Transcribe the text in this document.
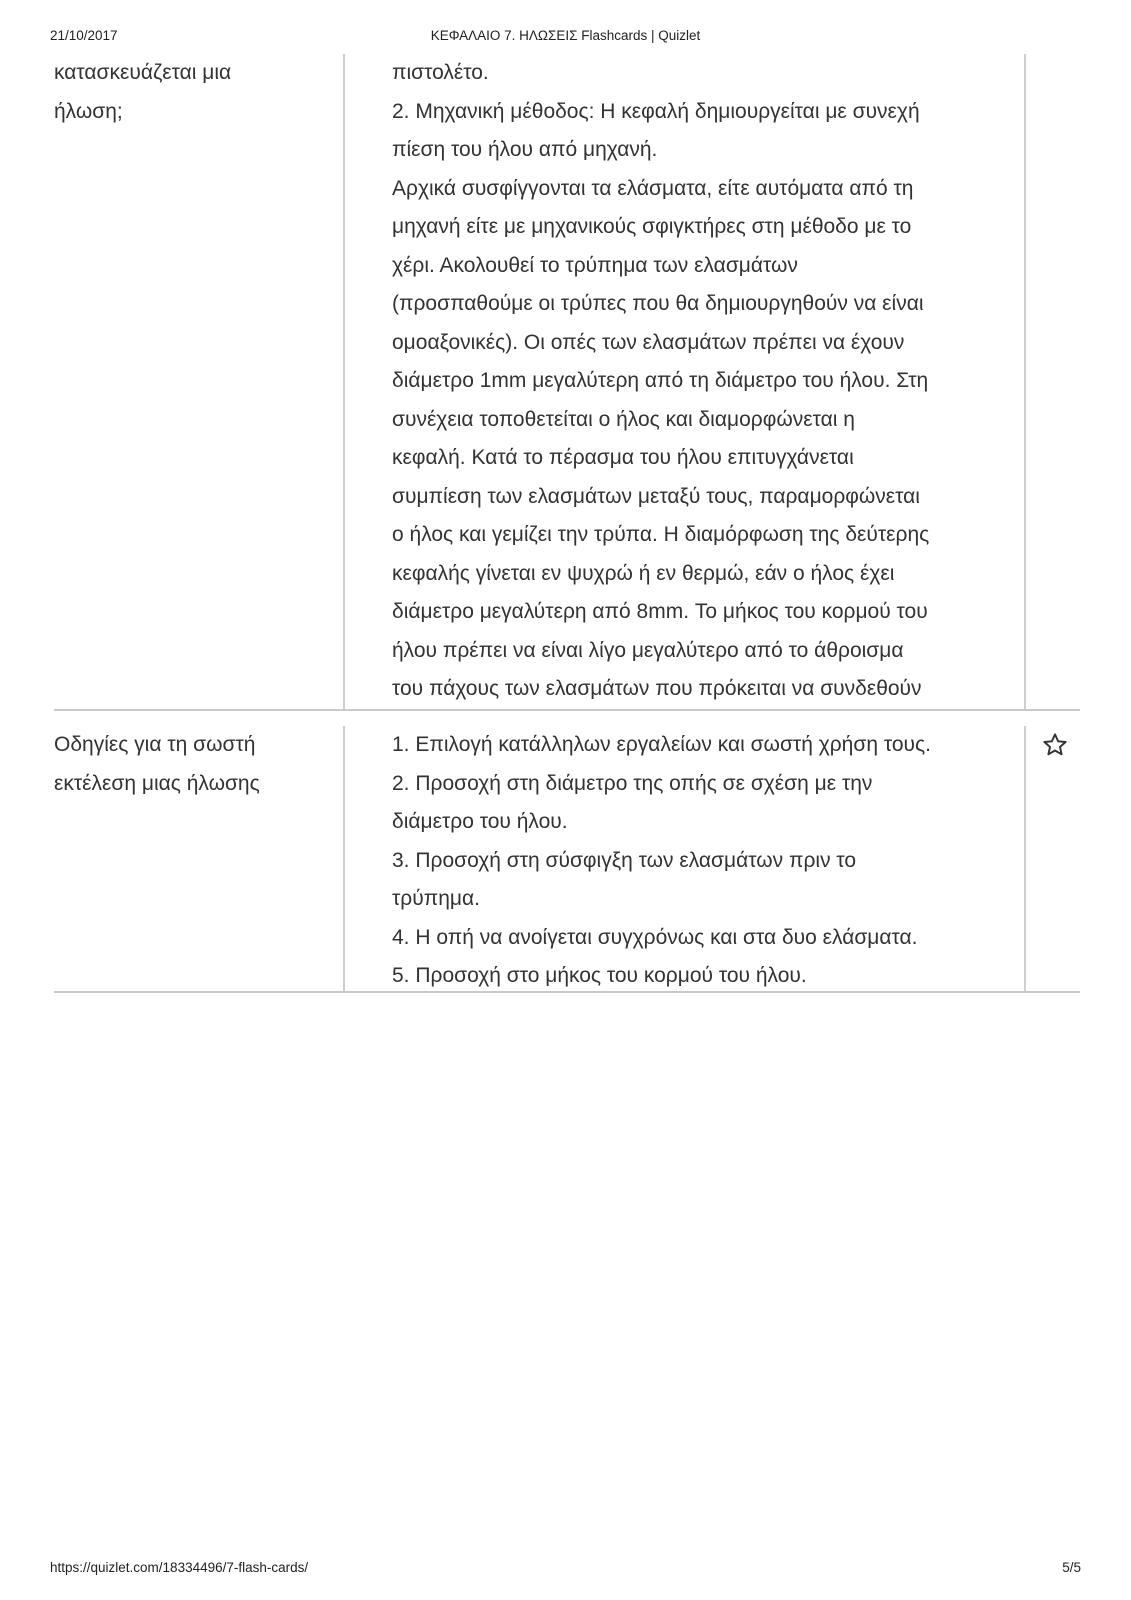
21/10/2017	ΚΕΦΑΛΑΙΟ 7. ΗΛΩΣΕΙΣ Flashcards | Quizlet
κατασκευάζεται μια
ήλωση;

πιστολέτο.

2. Μηχανική μέθοδος: Η κεφαλή δημιουργείται με συνεχή

πίεση του ήλου από μηχανή.

Αρχικά συσφίγγονται τα ελάσματα, είτε αυτόματα από τη

μηχανή είτε με μηχανικούς σφιγκτήρες στη μέθοδο με το

χέρι. Ακολουθεί το τρύπημα των ελασμάτων

(προσπαθούμε οι τρύπες που θα δημιουργηθούν να είναι

ομοαξονικές). Οι οπές των ελασμάτων πρέπει να έχουν

διάμετρο 1mm μεγαλύτερη από τη διάμετρο του ήλου. Στη

συνέχεια τοποθετείται ο ήλος και διαμορφώνεται η

κεφαλή. Κατά το πέρασμα του ήλου επιτυγχάνεται

συμπίεση των ελασμάτων μεταξύ τους, παραμορφώνεται

ο ήλος και γεμίζει την τρύπα. Η διαμόρφωση της δεύτερης

κεφαλής γίνεται εν ψυχρώ ή εν θερμώ, εάν ο ήλος έχει

διάμετρο μεγαλύτερη από 8mm. Το μήκος του κορμού του

ήλου πρέπει να είναι λίγο μεγαλύτερο από το άθροισμα

του πάχους των ελασμάτων που πρόκειται να συνδεθούν

Οδηγίες για τη σωστή
εκτέλεση μιας ήλωσης

1. Επιλογή κατάλληλων εργαλείων και σωστή χρήση τους.

2. Προσοχή στη διάμετρο της οπής σε σχέση με την

διάμετρο του ήλου.

3. Προσοχή στη σύσφιγξη των ελασμάτων πριν το

τρύπημα.

4. Η οπή να ανοίγεται συγχρόνως και στα δυο ελάσματα.

5. Προσοχή στο μήκος του κορμού του ήλου.

https://quizlet.com/18334496/7-flash-cards/	5/5
